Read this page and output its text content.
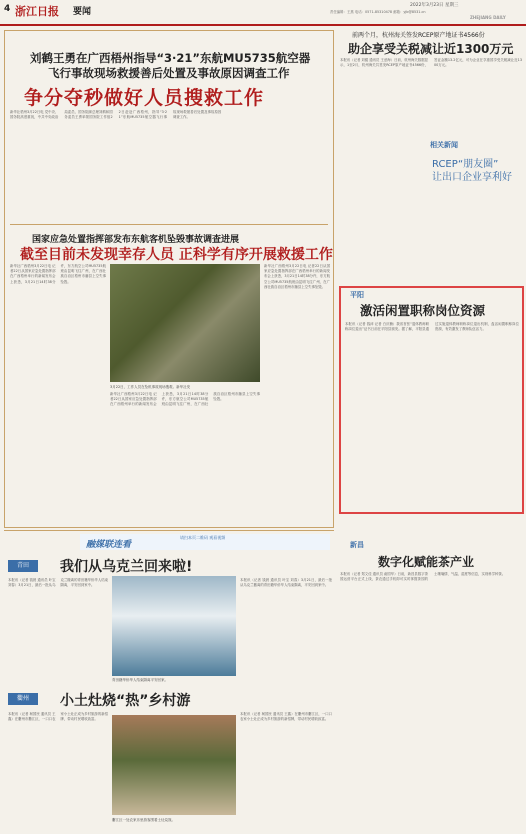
4 浙江日报 要闻
2022年3月23日 星期三
责任编辑：王燕 电话：0571-85310478 邮箱：yjb@8531.cn
ZHEJIANG DAILY
刘鹤王勇在广西梧州指导“3·21”东航MU5735航空器
飞行事故现场救援善后处置及事故原因调查工作
争分夺秒做好人员搜救工作
新华社梧州3月22日电 党中央、国务院高度重视，中共中央政治局委员、国务院副总理刘鹤和国务委员王勇率领国务院工作组22日赶赴广西梧州，指导“3·21”东航MU5735航空器飞行事故现场救援善后处置及事故原因调查工作。
国家应急处置指挥部发布东航客机坠毁事故调查进展
截至目前未发现幸存人员 正科学有序开展救援工作
新华社广西梧州3月22日电 记者22日从国家应急处置指挥部在广西梧州举行的新闻发布会上获悉，3月21日14时38分许，东方航空公司MU5735航班由昆明飞往广州，在广西壮族自治区梧州市藤县上空失事坠毁。
3月22日，工作人员在坠机事故现场搜救。新华社发
新华社广西梧州3月22日电 记者22日从国家应急处置指挥部在广西梧州举行的新闻发布会上获悉，3月21日14时38分许，东方航空公司MU5735航班由昆明飞往广州，在广西壮族自治区梧州市藤县上空失事坠毁。
新华社广西梧州3月22日电 记者22日从国家应急处置指挥部在广西梧州举行的新闻发布会上获悉，3月21日14时38分许，东方航空公司MU5735航班由昆明飞往广州，在广西壮族自治区梧州市藤县上空失事坠毁。
前两个月，杭州海关签发RCEP原产地证书4566份
助企享受关税减让近1300万元
本报讯（记者 刘健 通讯员 王爱海）日前，杭州海关数据显示，1至2月，杭州海关共签发RCEP原产地证书4566份，签证金额13.2亿元，可为企业在享惠国享受关税减让近1300万元。
相关新闻
RCEP“朋友圈”
让出口企业享利好
平阳
激活闲置职称岗位资源
本报讯（记者 钱沛 记者 白庆楠）我省首张“退休教师职称岗位退出”证书日前在平阳县颁发。据了解，平阳县通过实施退休教师职称岗位退出机制，盘活闲置职称岗位资源，有效激发了教师队伍活力。
新昌
数字化赋能茶产业
本报讯（记者 郑文佳 通讯员 俞国华）日前，新昌县数字茶园运营平台正式上线，茶农通过手机即可实时掌握茶园的土壤墒情、气温、湿度等信息，实现科学种茶。
融媒联连看
请扫本页二维码 观看视频
青田	我们从乌克兰回来啦!
本报讯（记者 钱晨 通讯员 叶宝 刘春）3月21日，最后一批从乌克兰撤离的青田籍华侨华人结束隔离，平安回到家中。
青田籍华侨华人结束隔离平安回家。
本报讯（记者 钱晨 通讯员 叶宝 刘春）3月21日，最后一批从乌克兰撤离的青田籍华侨华人结束隔离，平安回到家中。
衢州	小土灶烧“热”乡村游
本报讯（记者 柯国民 通讯员 王鑫）在衢州市衢江区，一口口农家小土灶正成为乡村旅游的新招牌，带动村民增收致富。
衢江区一处农家乐里游客围着土灶烧饭。
本报讯（记者 柯国民 通讯员 王鑫）在衢州市衢江区，一口口农家小土灶正成为乡村旅游的新招牌，带动村民增收致富。
